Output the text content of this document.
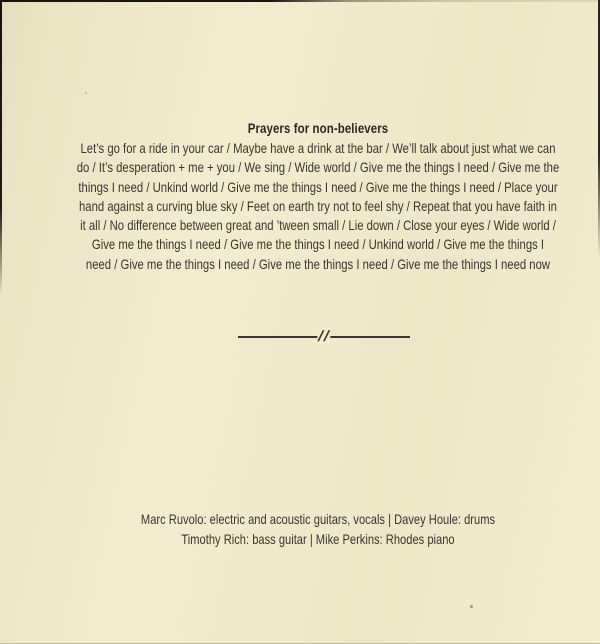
Prayers for non-believers
Let’s go for a ride in your car / Maybe have a drink at the bar / We’ll talk about just what we can
do / It’s desperation + me + you / We sing / Wide world / Give me the things I need / Give me the
things I need / Unkind world / Give me the things I need / Give me the things I need / Place your
hand against a curving blue sky / Feet on earth try not to feel shy / Repeat that you have faith in
it all / No difference between great and ’tween small / Lie down / Close your eyes / Wide world /
Give me the things I need / Give me the things I need / Unkind world / Give me the things I
need / Give me the things I need / Give me the things I need / Give me the things I need now
//
Marc Ruvolo: electric and acoustic guitars, vocals | Davey Houle: drums
Timothy Rich: bass guitar | Mike Perkins: Rhodes piano
